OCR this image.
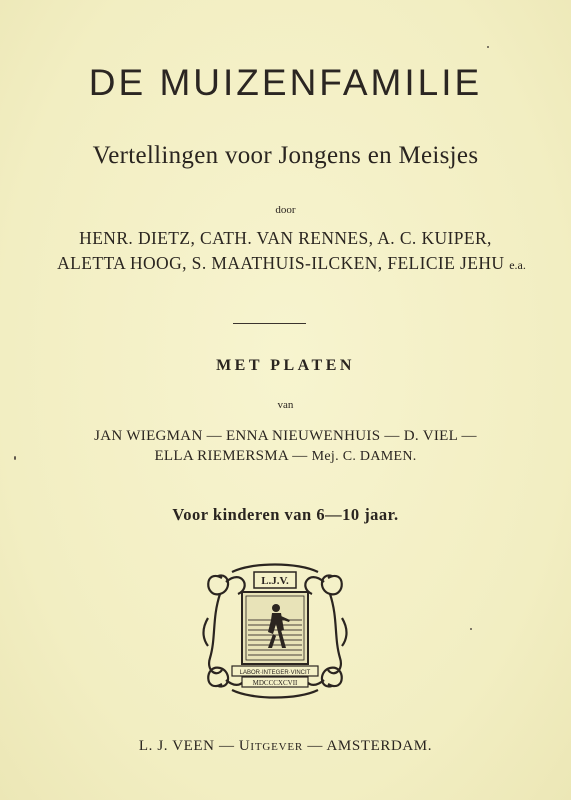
DE MUIZENFAMILIE
Vertellingen voor Jongens en Meisjes
door
HENR. DIETZ, CATH. VAN RENNES, A. C. KUIPER,
ALETTA HOOG, S. MAATHUIS-ILCKEN, FELICIE JEHU e.a.
MET PLATEN
van
JAN WIEGMAN — ENNA NIEUWENHUIS — D. VIEL —
ELLA RIEMERSMA — Mej. C. DAMEN.
Voor kinderen van 6—10 jaar.
L.J.V.
LABOR·INTEGER·VINCIT
MDCCCXCVII
L. J. VEEN — UITGEVER — AMSTERDAM.
